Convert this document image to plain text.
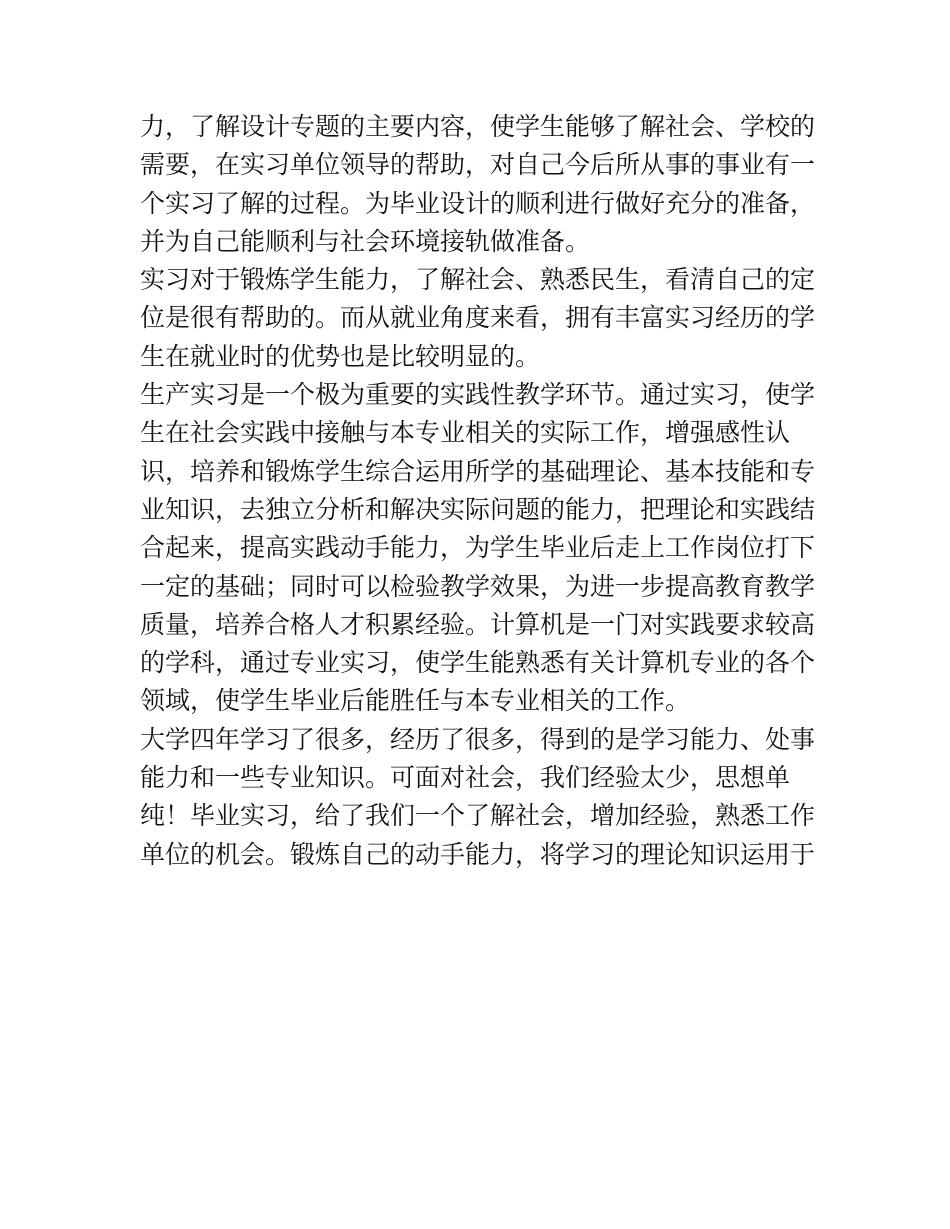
力，了解设计专题的主要内容，使学生能够了解社会、学校的
需要，在实习单位领导的帮助，对自己今后所从事的事业有一
个实习了解的过程。为毕业设计的顺利进行做好充分的准备，
并为自己能顺利与社会环境接轨做准备。
实习对于锻炼学生能力，了解社会、熟悉民生，看清自己的定
位是很有帮助的。而从就业角度来看，拥有丰富实习经历的学
生在就业时的优势也是比较明显的。
生产实习是一个极为重要的实践性教学环节。通过实习，使学
生在社会实践中接触与本专业相关的实际工作，增强感性认
识，培养和锻炼学生综合运用所学的基础理论、基本技能和专
业知识，去独立分析和解决实际问题的能力，把理论和实践结
合起来，提高实践动手能力，为学生毕业后走上工作岗位打下
一定的基础；同时可以检验教学效果，为进一步提高教育教学
质量，培养合格人才积累经验。计算机是一门对实践要求较高
的学科，通过专业实习，使学生能熟悉有关计算机专业的各个
领域，使学生毕业后能胜任与本专业相关的工作。
大学四年学习了很多，经历了很多，得到的是学习能力、处事
能力和一些专业知识。可面对社会，我们经验太少，思想单
纯！毕业实习，给了我们一个了解社会，增加经验，熟悉工作
单位的机会。锻炼自己的动手能力，将学习的理论知识运用于
